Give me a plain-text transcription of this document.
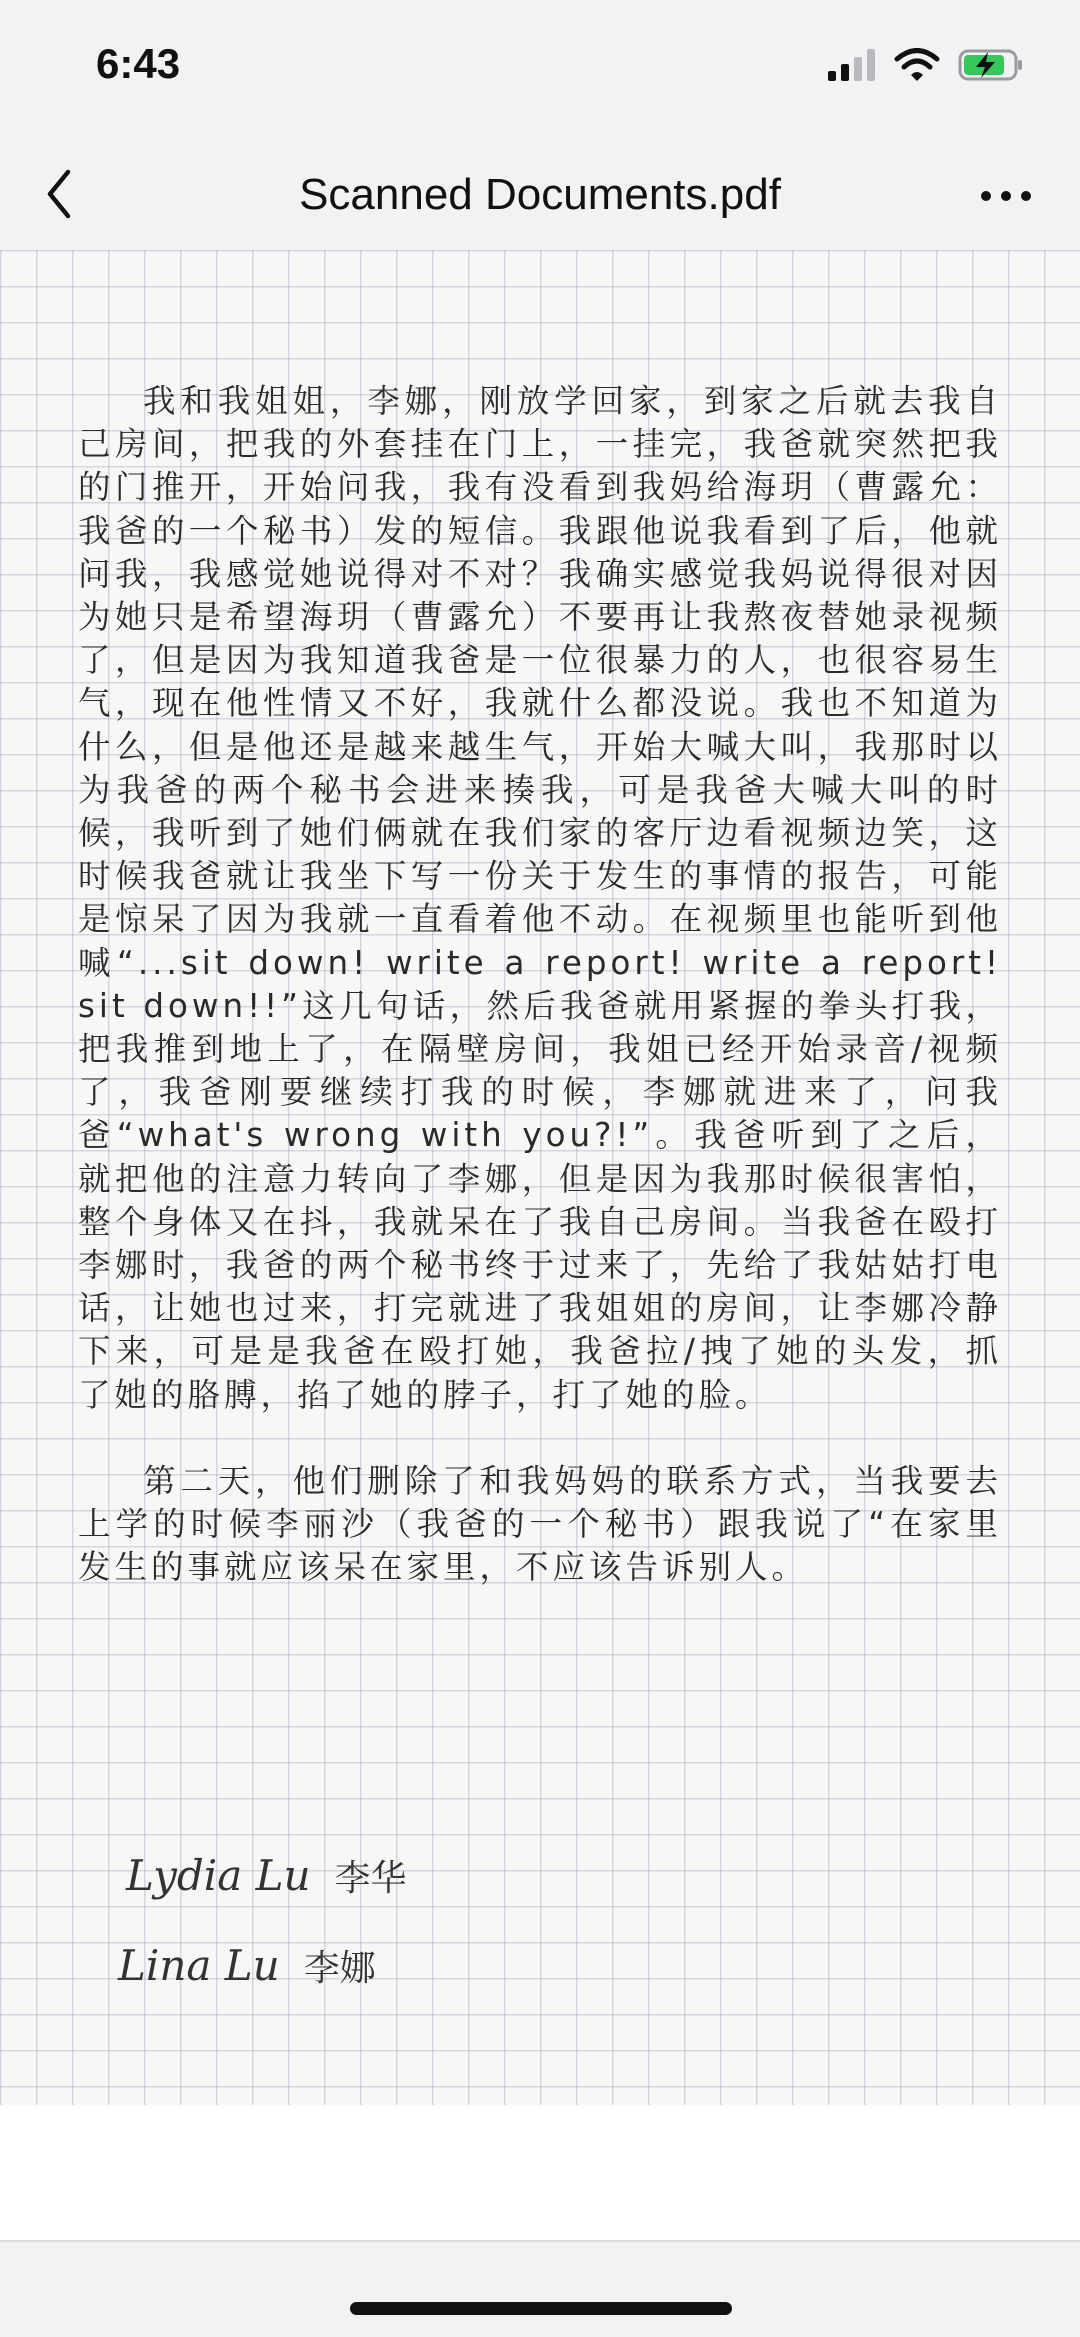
6:43
Scanned Documents.pdf

我和我姐姐，李娜，刚放学回家，到家之后就去我自己房间，把我的外套挂在门上，一挂完，我爸就突然把我的门推开，开始问我，我有没看到我妈给海玥（曹露允：我爸的一个秘书）发的短信。我跟他说我看到了后，他就问我，我感觉她说得对不对？我确实感觉我妈说得很对因为她只是希望海玥（曹露允）不要再让我熬夜替她录视频了，但是因为我知道我爸是一位很暴力的人，也很容易生气，现在他性情又不好，我就什么都没说。我也不知道为什么，但是他还是越来越生气，开始大喊大叫，我那时以为我爸的两个秘书会进来揍我，可是我爸大喊大叫的时候，我听到了她们俩就在我们家的客厅边看视频边笑，这时候我爸就让我坐下写一份关于发生的事情的报告，可能是惊呆了因为我就一直看着他不动。在视频里也能听到他喊“...sit down! write a report! write a report! sit down!!”这几句话，然后我爸就用紧握的拳头打我，把我推到地上了，在隔壁房间，我姐已经开始录音/视频了，我爸刚要继续打我的时候，李娜就进来了，问我爸“what's wrong with you?!”。我爸听到了之后，就把他的注意力转向了李娜，但是因为我那时候很害怕，整个身体又在抖，我就呆在了我自己房间。当我爸在殴打李娜时，我爸的两个秘书终于过来了，先给了我姑姑打电话，让她也过来，打完就进了我姐姐的房间，让李娜冷静下来，可是是我爸在殴打她，我爸拉/拽了她的头发，抓了她的胳膊，掐了她的脖子，打了她的脸。

第二天，他们删除了和我妈妈的联系方式，当我要去上学的时候李丽沙（我爸的一个秘书）跟我说了“在家里发生的事就应该呆在家里，不应该告诉别人。

Lydia Lu 李华
Lina Lu 李娜
